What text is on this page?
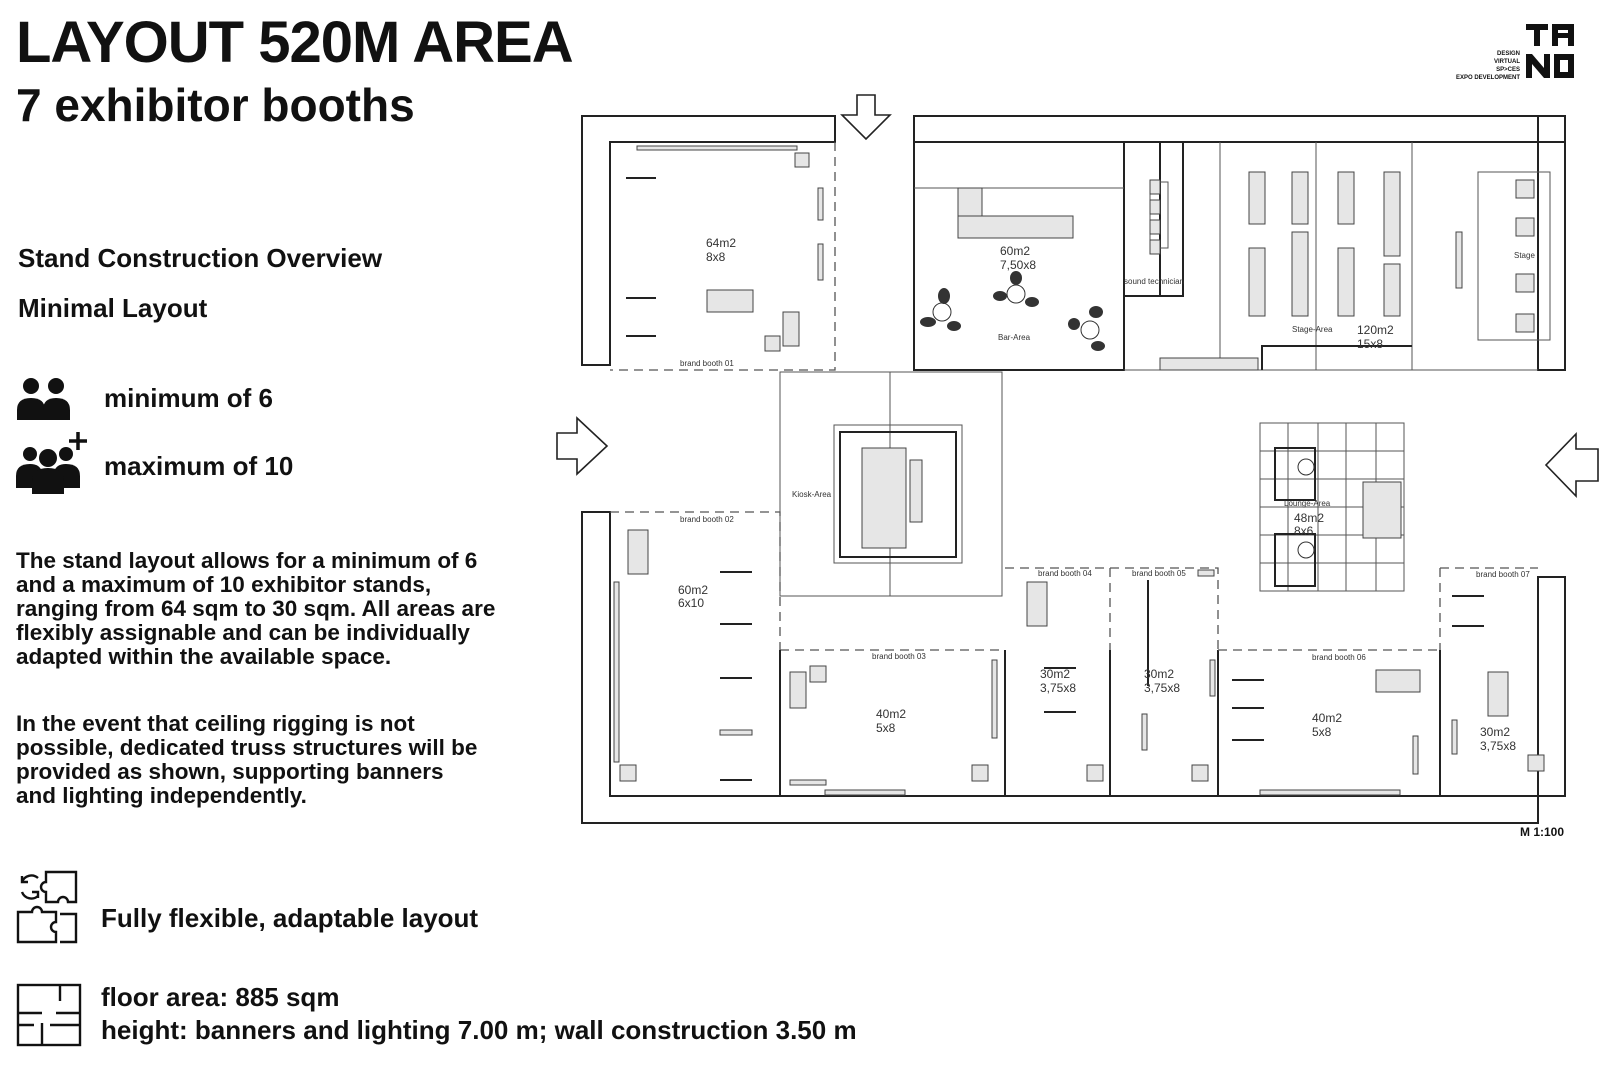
LAYOUT 520M AREA
7 exhibitor booths
DESIGN
VIRTUAL
SP>CES
EXPO DEVELOPMENT
Stand Construction Overview
Minimal Layout
minimum of 6
maximum of 10
The stand layout allows for a minimum of 6 and a maximum of 10 exhibitor stands, ranging from 64 sqm to 30 sqm. All areas are flexibly assignable and can be individually adapted within the available space.
In the event that ceiling rigging is not possible, dedicated truss structures will be provided as shown, supporting banners and lighting independently.
Fully flexible, adaptable layout
floor area: 885 sqm
height: banners and lighting 7.00 m; wall construction 3.50 m
64m2
8x8
brand booth 01
60m2
7,50x8
Bar-Area
sound technician
120m2
15x8
Stage-Area
Stage
Kiosk-Area
Lounge-Area
48m2
8x6
60m2
6x10
brand booth 02
40m2
5x8
brand booth 03
30m2
3,75x8
brand booth 04
30m2
3,75x8
brand booth 05
40m2
5x8
brand booth 06
30m2
3,75x8
brand booth 07
M 1:100
